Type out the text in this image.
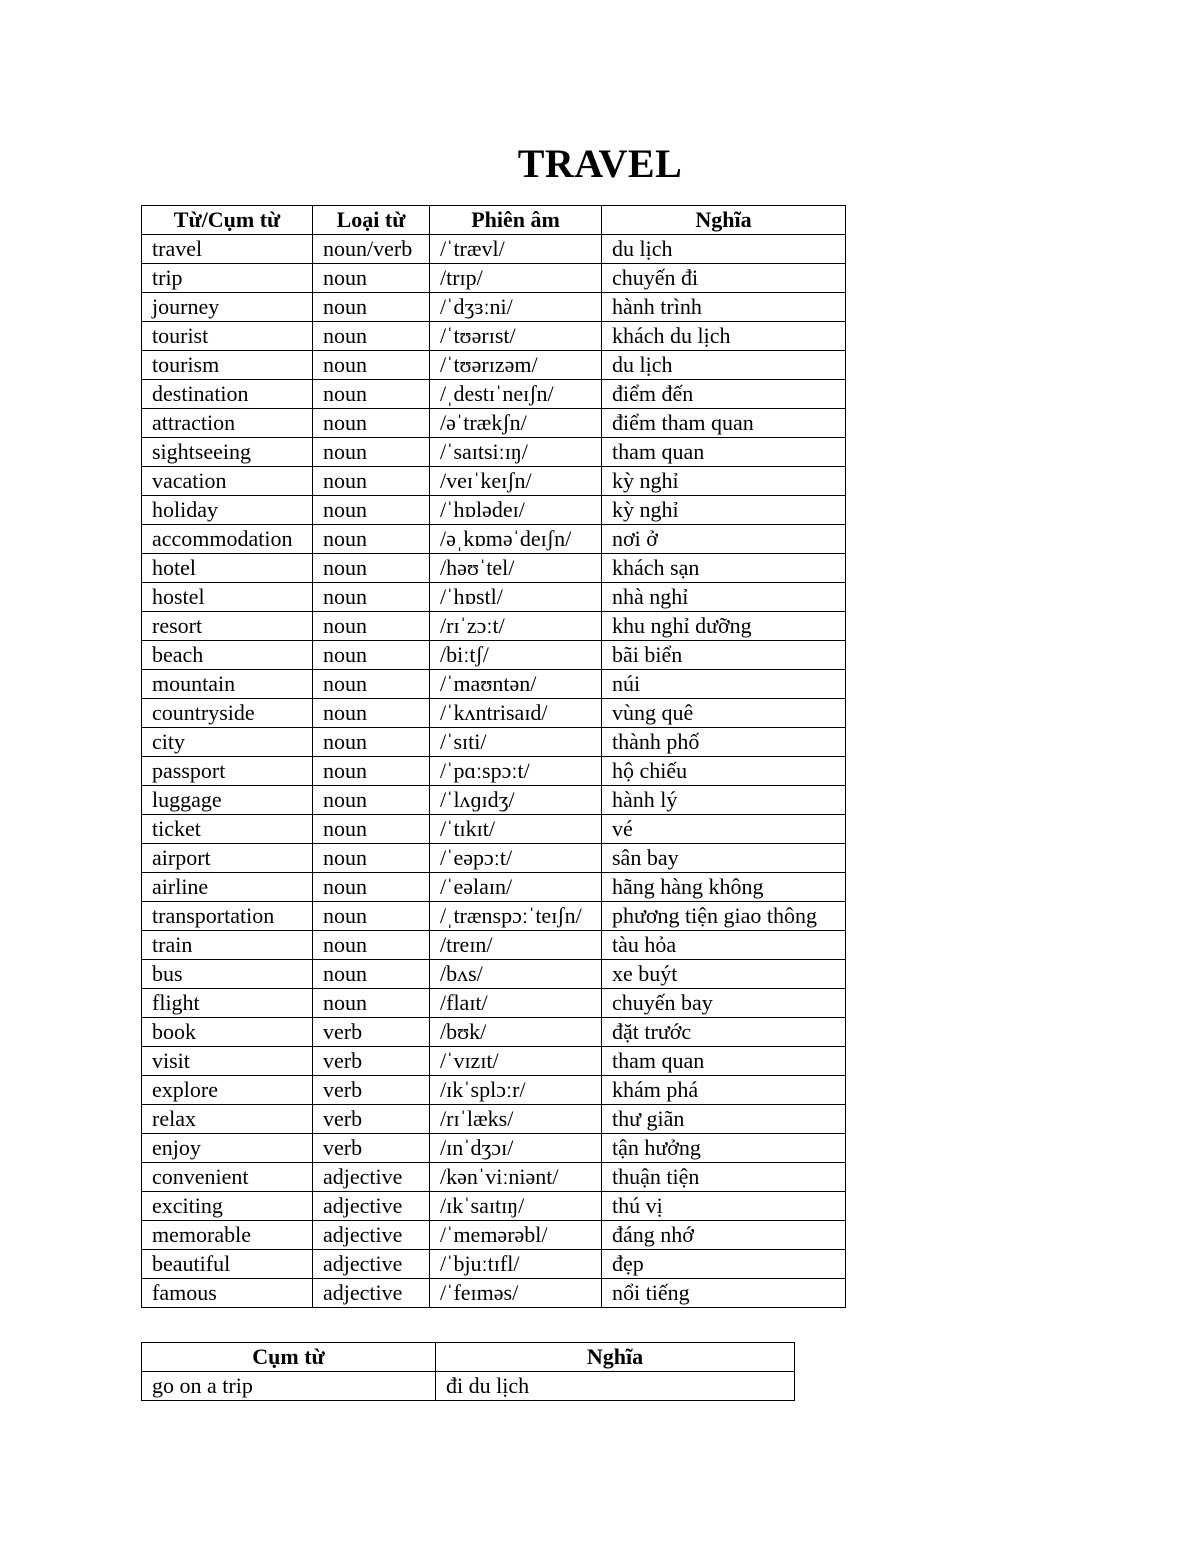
TRAVEL
Từ/Cụm từ	Loại từ	Phiên âm	Nghĩa
travel	noun/verb	/ˈtrævl/	du lịch
trip	noun	/trɪp/	chuyến đi
journey	noun	/ˈdʒɜːni/	hành trình
tourist	noun	/ˈtʊərɪst/	khách du lịch
tourism	noun	/ˈtʊərɪzəm/	du lịch
destination	noun	/ˌdestɪˈneɪʃn/	điểm đến
attraction	noun	/əˈtrækʃn/	điểm tham quan
sightseeing	noun	/ˈsaɪtsiːɪŋ/	tham quan
vacation	noun	/veɪˈkeɪʃn/	kỳ nghỉ
holiday	noun	/ˈhɒlədeɪ/	kỳ nghỉ
accommodation	noun	/əˌkɒməˈdeɪʃn/	nơi ở
hotel	noun	/həʊˈtel/	khách sạn
hostel	noun	/ˈhɒstl/	nhà nghỉ
resort	noun	/rɪˈzɔːt/	khu nghỉ dưỡng
beach	noun	/biːtʃ/	bãi biển
mountain	noun	/ˈmaʊntən/	núi
countryside	noun	/ˈkʌntrisaɪd/	vùng quê
city	noun	/ˈsɪti/	thành phố
passport	noun	/ˈpɑːspɔːt/	hộ chiếu
luggage	noun	/ˈlʌɡɪdʒ/	hành lý
ticket	noun	/ˈtɪkɪt/	vé
airport	noun	/ˈeəpɔːt/	sân bay
airline	noun	/ˈeəlaɪn/	hãng hàng không
transportation	noun	/ˌtrænspɔːˈteɪʃn/	phương tiện giao thông
train	noun	/treɪn/	tàu hỏa
bus	noun	/bʌs/	xe buýt
flight	noun	/flaɪt/	chuyến bay
book	verb	/bʊk/	đặt trước
visit	verb	/ˈvɪzɪt/	tham quan
explore	verb	/ɪkˈsplɔːr/	khám phá
relax	verb	/rɪˈlæks/	thư giãn
enjoy	verb	/ɪnˈdʒɔɪ/	tận hưởng
convenient	adjective	/kənˈviːniənt/	thuận tiện
exciting	adjective	/ɪkˈsaɪtɪŋ/	thú vị
memorable	adjective	/ˈmemərəbl/	đáng nhớ
beautiful	adjective	/ˈbjuːtɪfl/	đẹp
famous	adjective	/ˈfeɪməs/	nổi tiếng
Cụm từ	Nghĩa
go on a trip	đi du lịch
